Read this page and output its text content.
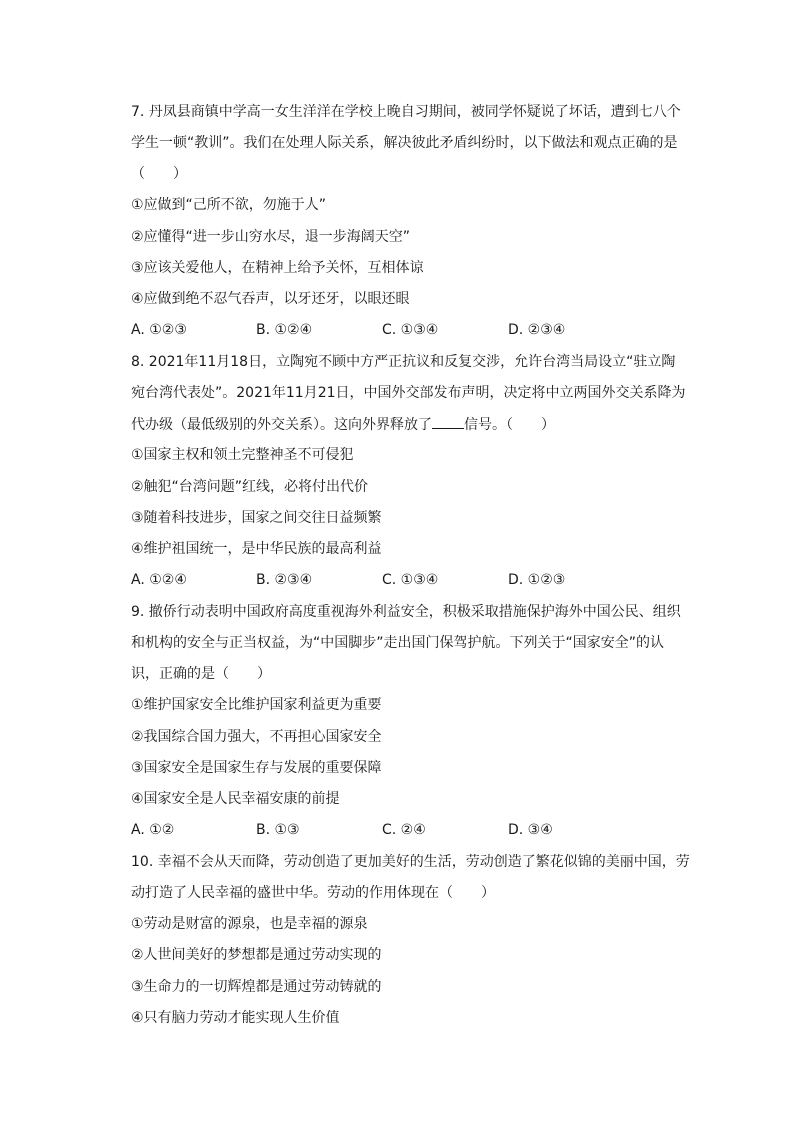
7. 丹凤县商镇中学高一女生洋洋在学校上晚自习期间，被同学怀疑说了坏话，遭到七八个
学生一顿“教训”。我们在处理人际关系，解决彼此矛盾纠纷时，以下做法和观点正确的是
（　　）
①应做到“己所不欲，勿施于人”
②应懂得“进一步山穷水尽，退一步海阔天空”
③应该关爱他人，在精神上给予关怀，互相体谅
④应做到绝不忍气吞声，以牙还牙，以眼还眼
A. ①②③	B. ①②④	C. ①③④	D. ②③④
8. 2021年11月18日，立陶宛不顾中方严正抗议和反复交涉，允许台湾当局设立“驻立陶
宛台湾代表处”。2021年11月21日，中国外交部发布声明，决定将中立两国外交关系降为
代办级（最低级别的外交关系）。这向外界释放了 信号。（　　）
①国家主权和领土完整神圣不可侵犯
②触犯“台湾问题”红线，必将付出代价
③随着科技进步，国家之间交往日益频繁
④维护祖国统一，是中华民族的最高利益
A. ①②④	B. ②③④	C. ①③④	D. ①②③
9. 撤侨行动表明中国政府高度重视海外利益安全，积极采取措施保护海外中国公民、组织
和机构的安全与正当权益，为“中国脚步”走出国门保驾护航。下列关于“国家安全”的认
识，正确的是（　　）
①维护国家安全比维护国家利益更为重要
②我国综合国力强大，不再担心国家安全
③国家安全是国家生存与发展的重要保障
④国家安全是人民幸福安康的前提
A. ①②	B. ①③	C. ②④	D. ③④
10. 幸福不会从天而降，劳动创造了更加美好的生活，劳动创造了繁花似锦的美丽中国，劳
动打造了人民幸福的盛世中华。劳动的作用体现在（　　）
①劳动是财富的源泉，也是幸福的源泉
②人世间美好的梦想都是通过劳动实现的
③生命力的一切辉煌都是通过劳动铸就的
④只有脑力劳动才能实现人生价值
